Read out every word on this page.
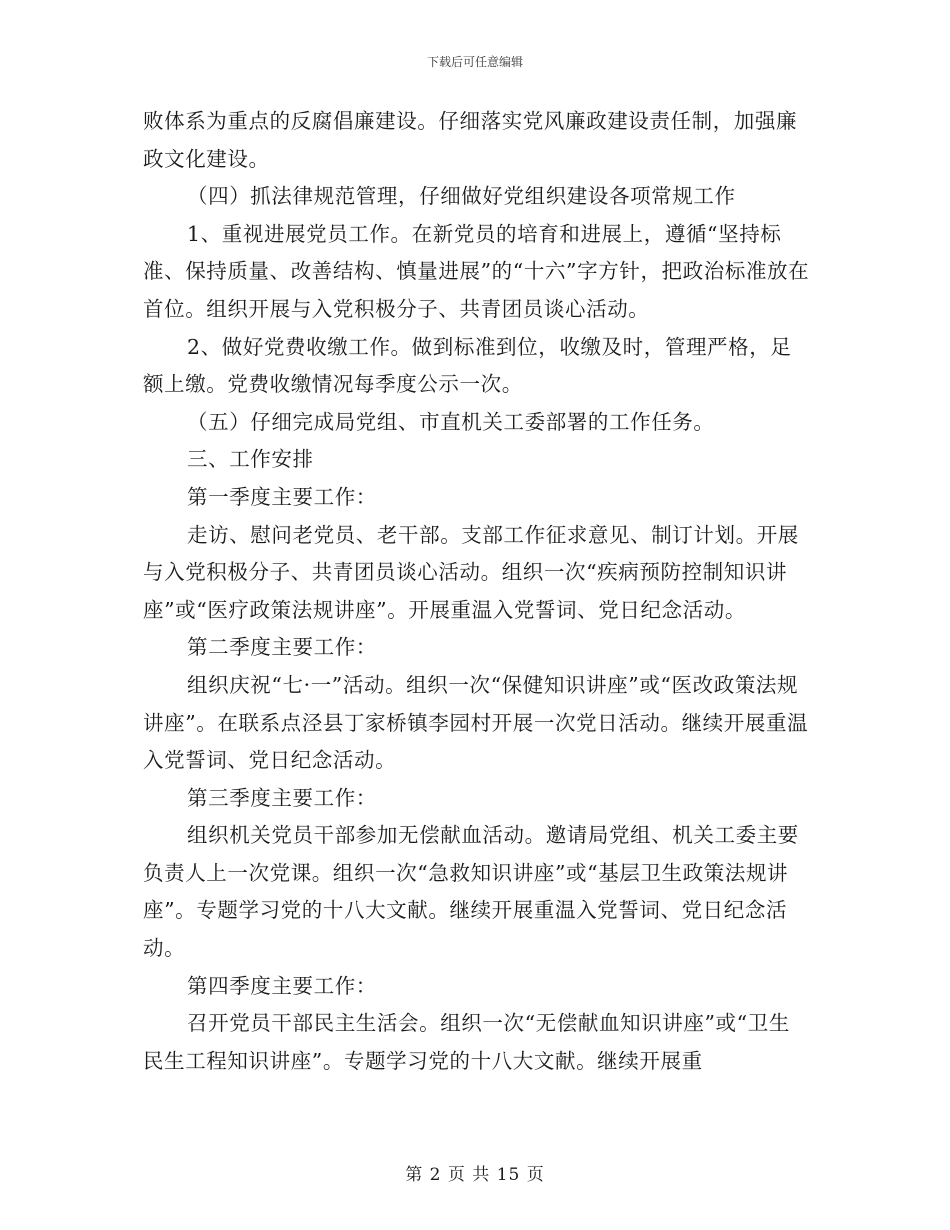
下载后可任意编辑

败体系为重点的反腐倡廉建设。仔细落实党风廉政建设责任制，加强廉政文化建设。

（四）抓法律规范管理，仔细做好党组织建设各项常规工作

1、重视进展党员工作。在新党员的培育和进展上，遵循“坚持标准、保持质量、改善结构、慎量进展”的“十六”字方针，把政治标准放在首位。组织开展与入党积极分子、共青团员谈心活动。

2、做好党费收缴工作。做到标准到位，收缴及时，管理严格，足额上缴。党费收缴情况每季度公示一次。

（五）仔细完成局党组、市直机关工委部署的工作任务。

三、工作安排

第一季度主要工作：

走访、慰问老党员、老干部。支部工作征求意见、制订计划。开展与入党积极分子、共青团员谈心活动。组织一次“疾病预防控制知识讲座”或“医疗政策法规讲座”。开展重温入党誓词、党日纪念活动。

第二季度主要工作：

组织庆祝“七·一”活动。组织一次“保健知识讲座”或“医改政策法规讲座”。在联系点泾县丁家桥镇李园村开展一次党日活动。继续开展重温入党誓词、党日纪念活动。

第三季度主要工作：

组织机关党员干部参加无偿献血活动。邀请局党组、机关工委主要负责人上一次党课。组织一次“急救知识讲座”或“基层卫生政策法规讲座”。专题学习党的十八大文献。继续开展重温入党誓词、党日纪念活动。

第四季度主要工作：

召开党员干部民主生活会。组织一次“无偿献血知识讲座”或“卫生民生工程知识讲座”。专题学习党的十八大文献。继续开展重

第 2 页 共 15 页
